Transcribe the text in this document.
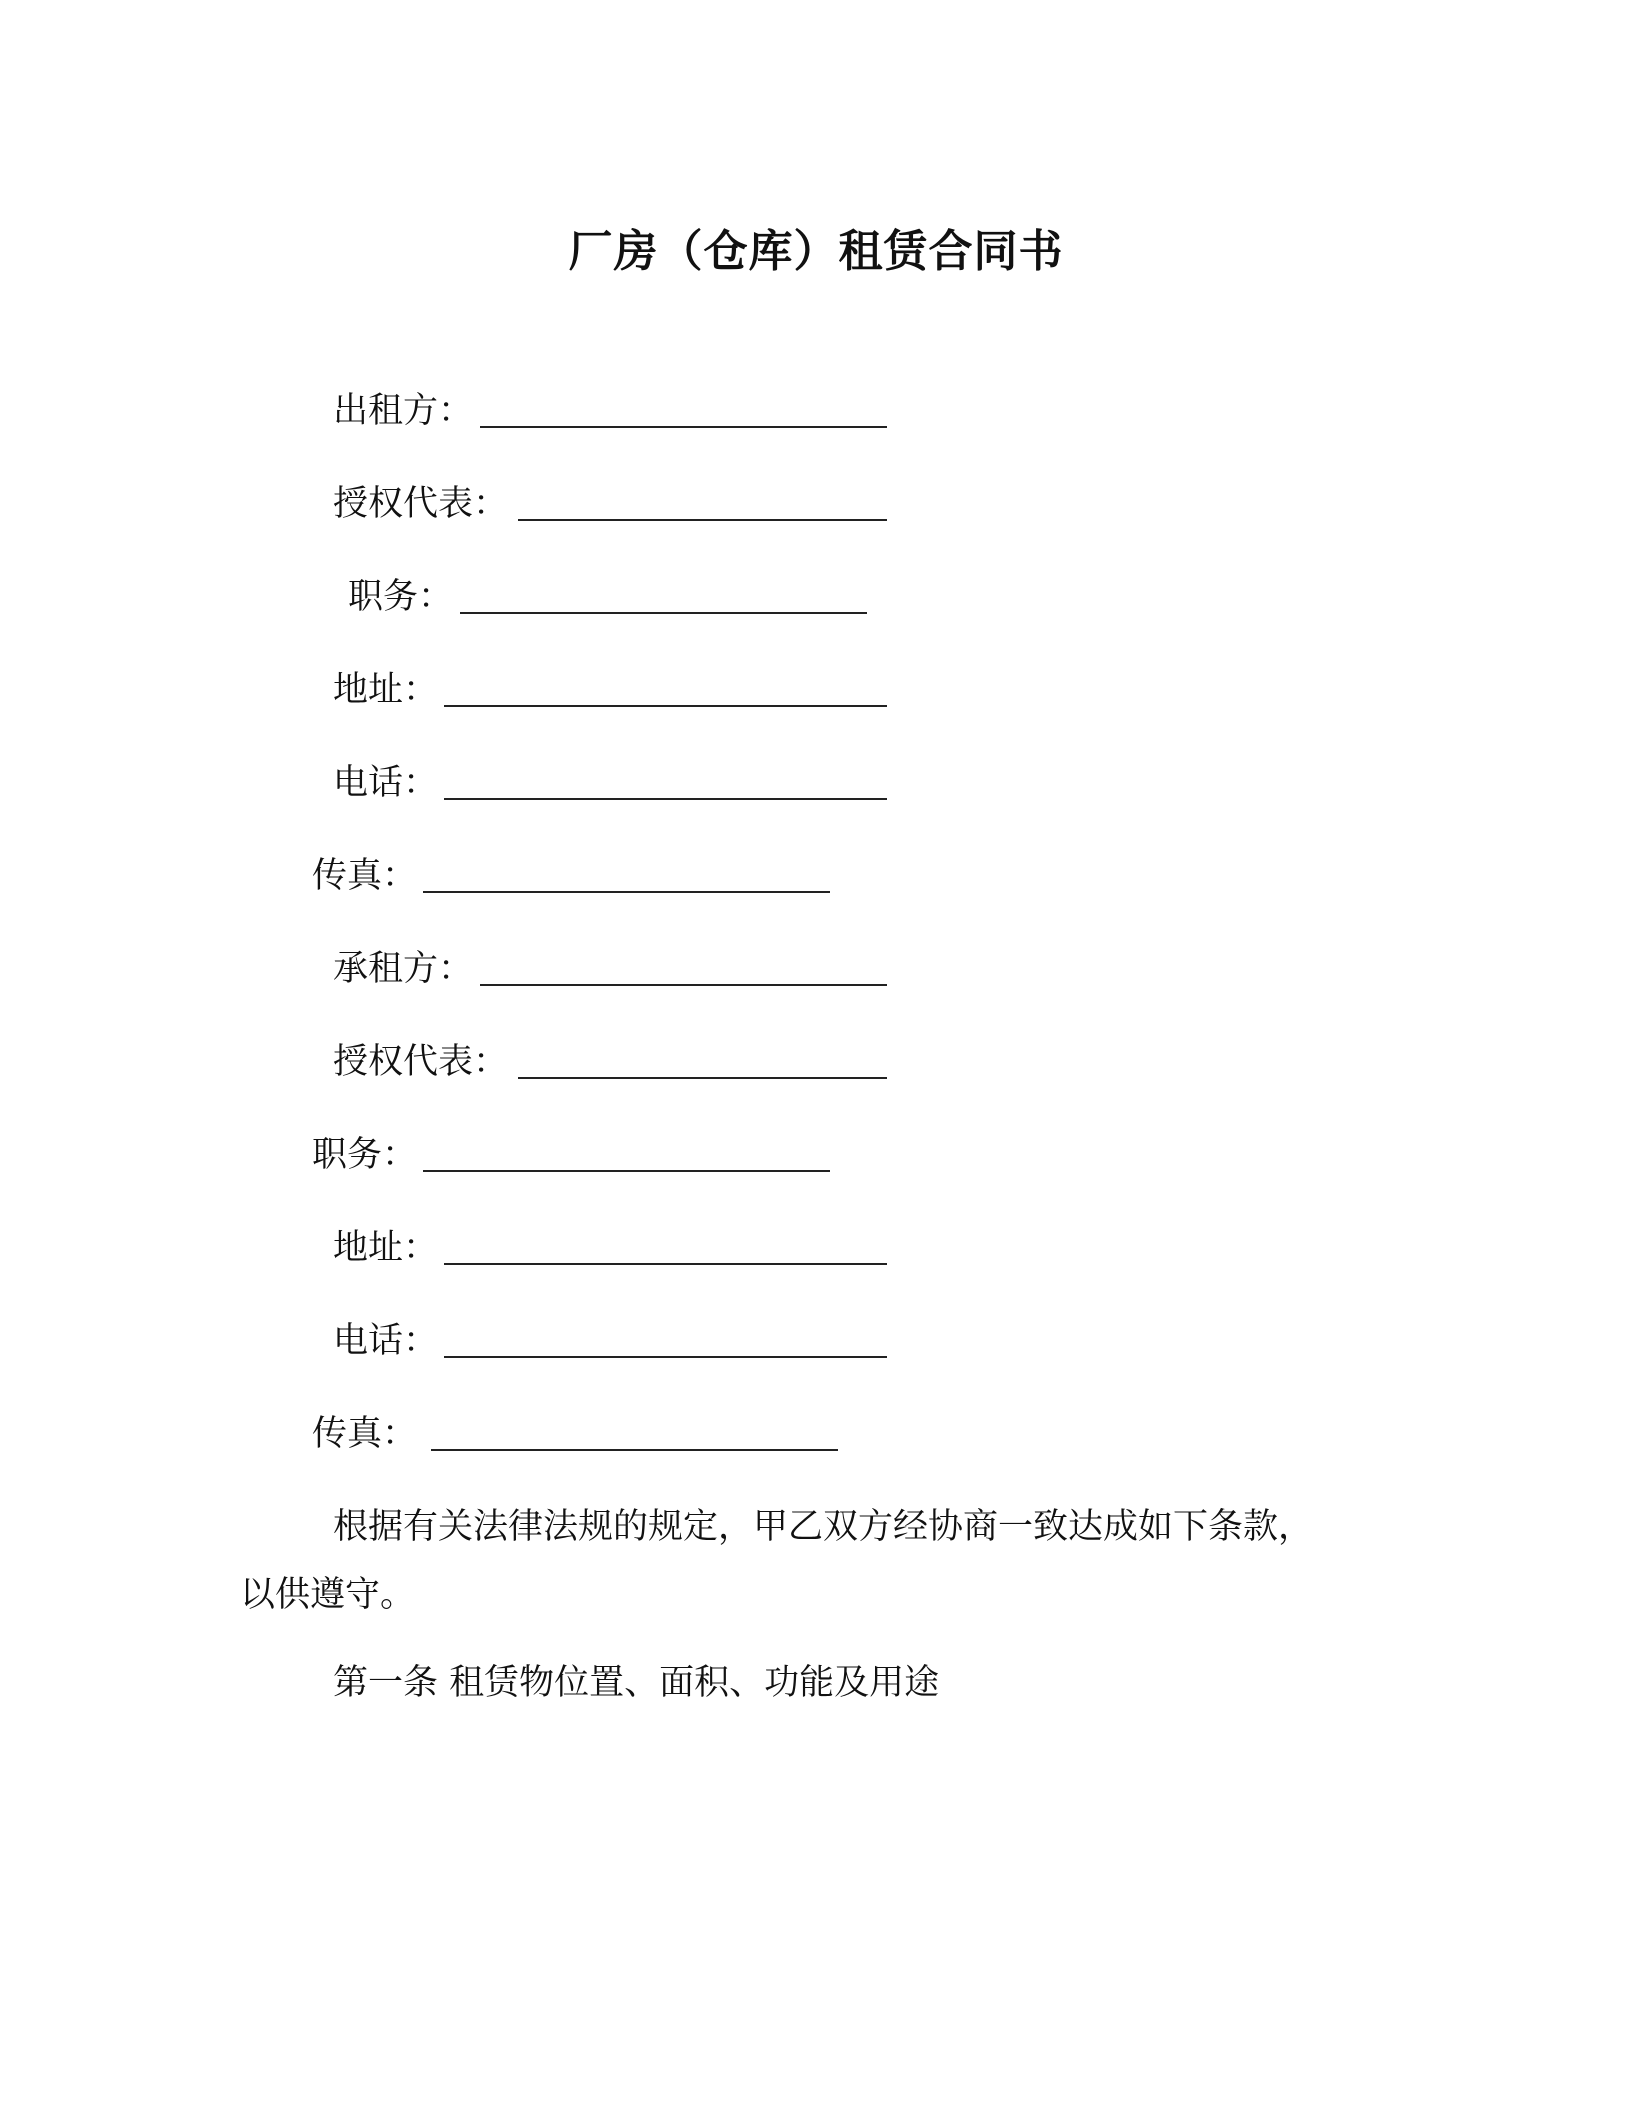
厂房（仓库）租赁合同书
出租方：
授权代表：
职务：
地址：
电话：
传真：
承租方：
授权代表：
职务：
地址：
电话：
传真：
根据有关法律法规的规定，甲乙双方经协商一致达成如下条款，
以供遵守。
第一条 租赁物位置、面积、功能及用途
